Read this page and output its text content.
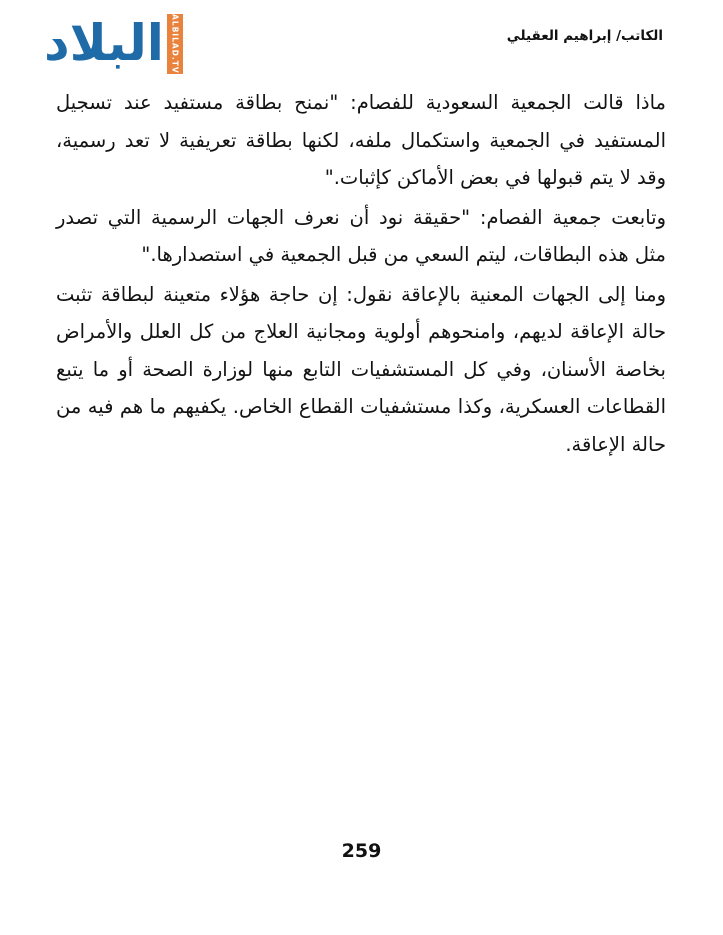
البلاد ALBILAD.TV	الكاتب/ إبراهيم العقيلي

ماذا قالت الجمعية السعودية للفصام: "نمنح بطاقة مستفيد عند تسجيل المستفيد في الجمعية واستكمال ملفه، لكنها بطاقة تعريفية لا تعد رسمية، وقد لا يتم قبولها في بعض الأماكن كإثبات."

وتابعت جمعية الفصام: "حقيقة نود أن نعرف الجهات الرسمية التي تصدر مثل هذه البطاقات، ليتم السعي من قبل الجمعية في استصدارها."

ومنا إلى الجهات المعنية بالإعاقة نقول: إن حاجة هؤلاء متعينة لبطاقة تثبت حالة الإعاقة لديهم، وامنحوهم أولوية ومجانية العلاج من كل العلل والأمراض بخاصة الأسنان، وفي كل المستشفيات التابع منها لوزارة الصحة أو ما يتبع القطاعات العسكرية، وكذا مستشفيات القطاع الخاص. يكفيهم ما هم فيه من حالة الإعاقة.

259
